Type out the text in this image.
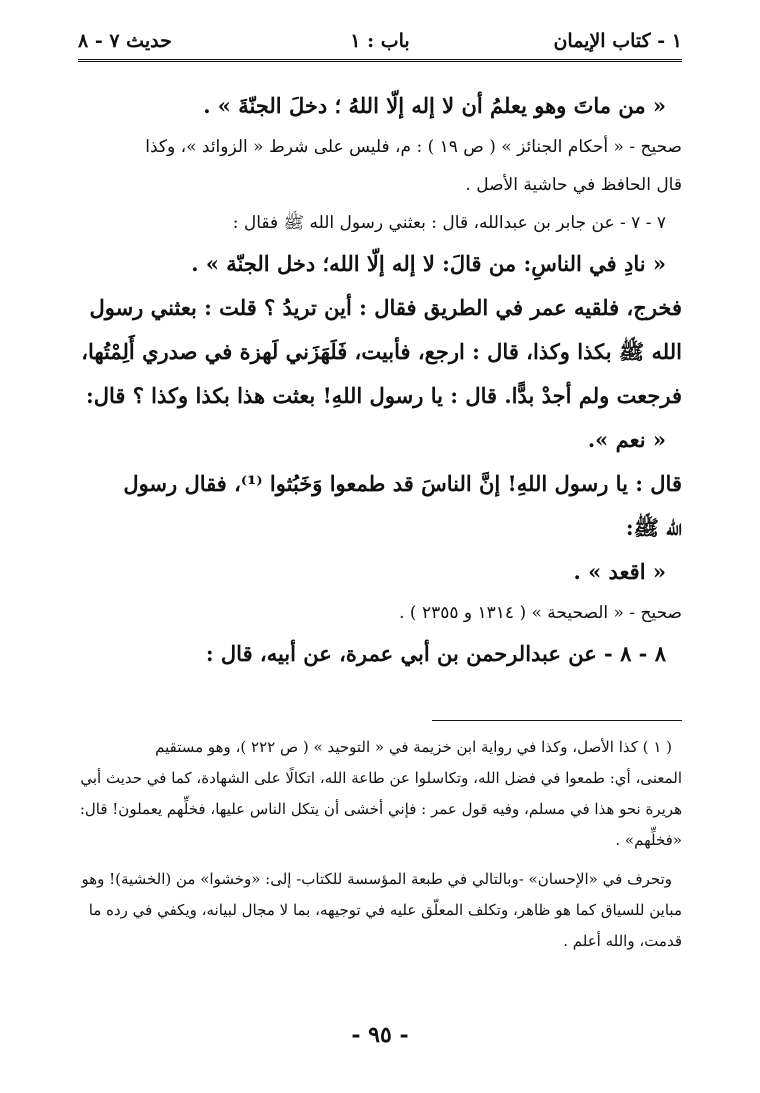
١ - كتاب الإيمان
باب : ١
حديث ٧ - ٨

« من ماتَ وهو يعلمُ أن لا إله إلّا اللهُ ؛ دخلَ الجنّةَ » .

صحيح - « أحكام الجنائز » ( ص ١٩ ) : م، فليس على شرط « الزوائد »، وكذا

قال الحافظ في حاشية الأصل .

٧ - ٧ - عن جابر بن عبدالله، قال : بعثني رسول الله ﷺ فقال :

« نادِ في الناسِ: من قالَ: لا إله إلّا الله؛ دخل الجنّة » .

فخرج، فلقيه عمر في الطريق فقال : أين تريدُ ؟ قلت : بعثني رسول

الله ﷺ بكذا وكذا، قال : ارجع، فأبيت، فَلَهَزَني لَهزة في صدري أَلِمْتُها،

فرجعت ولم أجدْ بدًّا. قال : يا رسول اللهِ! بعثت هذا بكذا وكذا ؟ قال:

« نعم ».

قال : يا رسول اللهِ! إنَّ الناسَ قد طمعوا وَخَبُثوا ⁽¹⁾، فقال رسول

الله ﷺ:

« اقعد » .

صحيح - « الصحيحة » ( ١٣١٤ و ٢٣٥٥ ) .

٨ - ٨ - عن عبدالرحمن بن أبي عمرة، عن أبيه، قال :

( ١ ) كذا الأصل، وكذا في رواية ابن خزيمة في « التوحيد » ( ص ٢٢٢ )، وهو مستقيم

المعنى، أي: طمعوا في فضل الله، وتكاسلوا عن طاعة الله، اتكالًا على الشهادة، كما في حديث أبي

هريرة نحو هذا في مسلم، وفيه قول عمر : فإني أخشى أن يتكل الناس عليها، فخلِّهم يعملون! قال:

«فخلِّهم» .

وتحرف في «الإحسان» -وبالتالي في طبعة المؤسسة للكتاب- إلى: «وخشوا» من (الخشية)! وهو

مباين للسياق كما هو ظاهر، وتكلف المعلّق عليه في توجيهه، بما لا مجال لبيانه، ويكفي في رده ما

قدمت، والله أعلم .

- ٩٥ -
